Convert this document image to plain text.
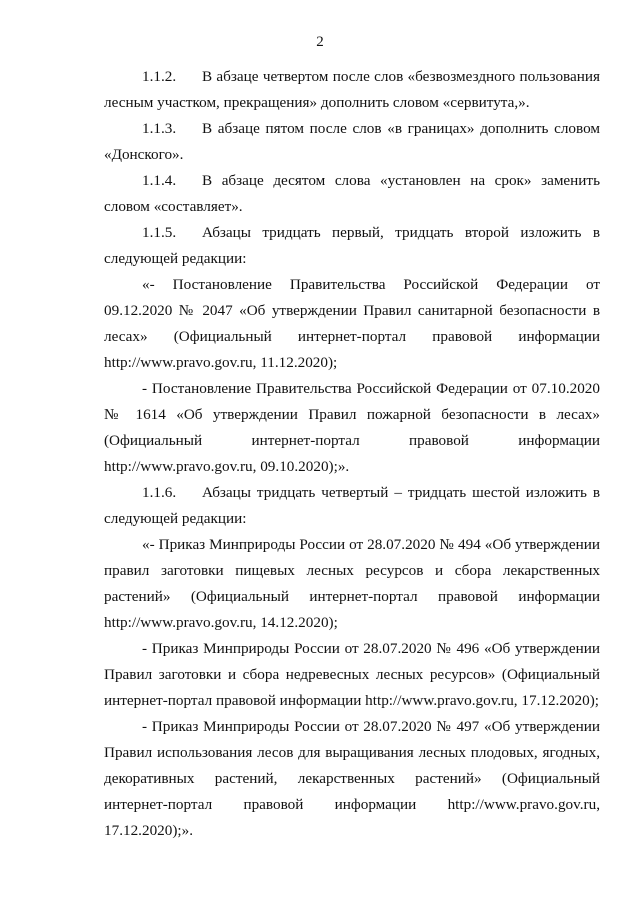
2

1.1.2. В абзаце четвертом после слов «безвозмездного пользования лесным участком, прекращения» дополнить словом «сервитута,».

1.1.3. В абзаце пятом после слов «в границах» дополнить словом «Донского».

1.1.4. В абзаце десятом слова «установлен на срок» заменить словом «составляет».

1.1.5. Абзацы тридцать первый, тридцать второй изложить в следующей редакции:

«- Постановление Правительства Российской Федерации от 09.12.2020 № 2047 «Об утверждении Правил санитарной безопасности в лесах» (Официальный интернет-портал правовой информации http://www.pravo.gov.ru, 11.12.2020);

- Постановление Правительства Российской Федерации от 07.10.2020 № 1614 «Об утверждении Правил пожарной безопасности в лесах» (Официальный интернет-портал правовой информации http://www.pravo.gov.ru, 09.10.2020);».

1.1.6. Абзацы тридцать четвертый – тридцать шестой изложить в следующей редакции:

«- Приказ Минприроды России от 28.07.2020 № 494 «Об утверждении правил заготовки пищевых лесных ресурсов и сбора лекарственных растений» (Официальный интернет-портал правовой информации http://www.pravo.gov.ru, 14.12.2020);

- Приказ Минприроды России от 28.07.2020 № 496 «Об утверждении Правил заготовки и сбора недревесных лесных ресурсов» (Официальный интернет-портал правовой информации http://www.pravo.gov.ru, 17.12.2020);

- Приказ Минприроды России от 28.07.2020 № 497 «Об утверждении Правил использования лесов для выращивания лесных плодовых, ягодных, декоративных растений, лекарственных растений» (Официальный интернет-портал правовой информации http://www.pravo.gov.ru, 17.12.2020);».
